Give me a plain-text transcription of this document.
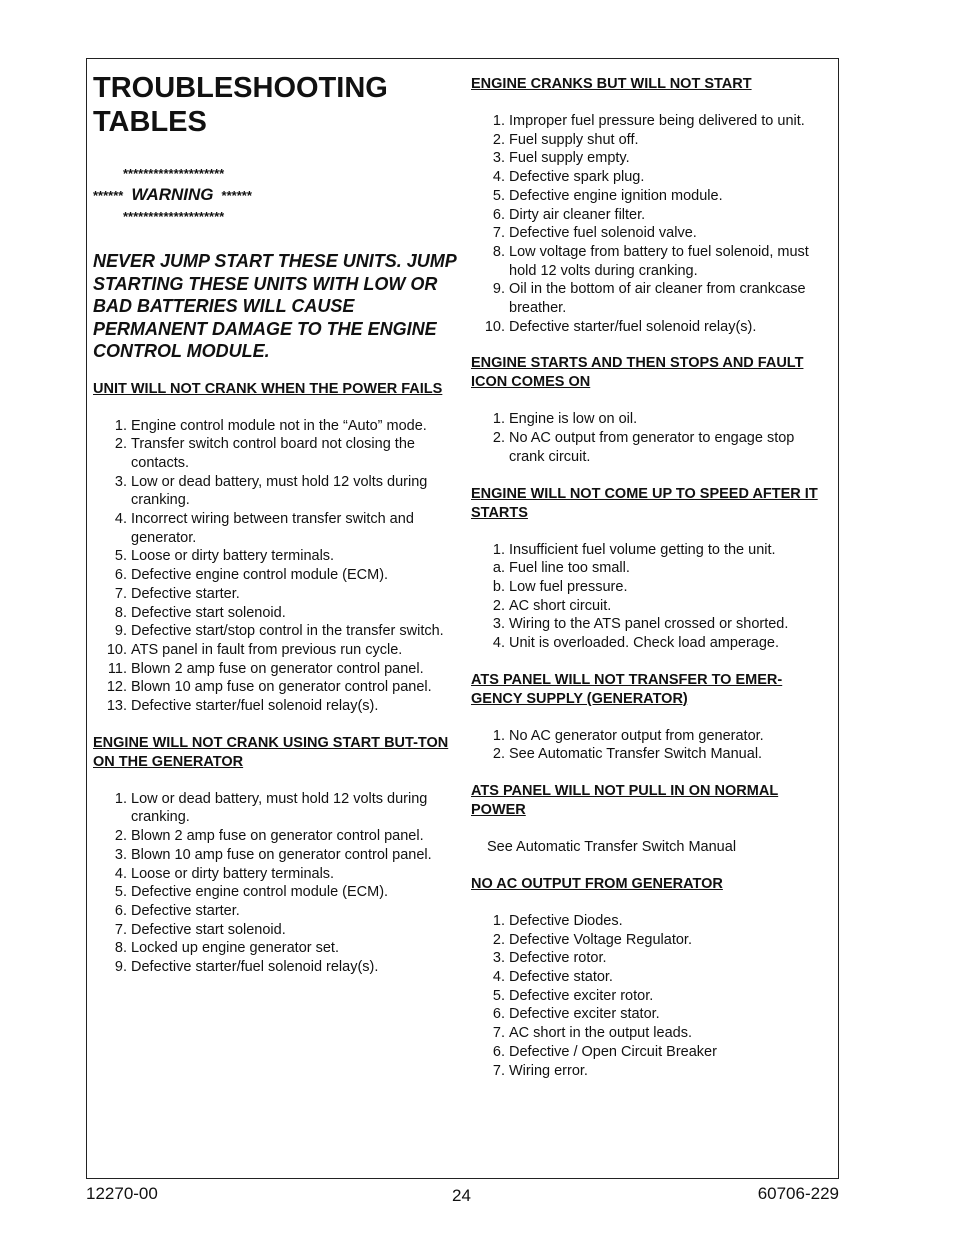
TROUBLESHOOTING TABLES
********************
****** WARNING ******
********************
NEVER JUMP START THESE UNITS. JUMP STARTING THESE UNITS WITH LOW OR BAD BATTERIES WILL CAUSE PERMANENT DAMAGE TO THE ENGINE CONTROL MODULE.
UNIT WILL NOT CRANK WHEN THE POWER FAILS
1. Engine control module not in the “Auto” mode.
2. Transfer switch control board not closing the contacts.
3. Low or dead battery, must hold 12 volts during cranking.
4. Incorrect wiring between transfer switch and generator.
5. Loose or dirty battery terminals.
6. Defective engine control module (ECM).
7. Defective starter.
8. Defective start solenoid.
9. Defective start/stop control in the transfer switch.
10. ATS panel in fault from previous run cycle.
11. Blown 2 amp fuse on generator control panel.
12. Blown 10 amp fuse on generator control panel.
13. Defective starter/fuel solenoid relay(s).
ENGINE WILL NOT CRANK USING START BUT-TON ON THE GENERATOR
1. Low or dead battery, must hold 12 volts during cranking.
2. Blown 2 amp fuse on generator control panel.
3. Blown 10 amp fuse on generator control panel.
4. Loose or dirty battery terminals.
5. Defective engine control module (ECM).
6. Defective starter.
7. Defective start solenoid.
8. Locked up engine generator set.
9. Defective starter/fuel solenoid relay(s).
ENGINE CRANKS BUT WILL NOT START
1. Improper fuel pressure being delivered to unit.
2. Fuel supply shut off.
3. Fuel supply empty.
4. Defective spark plug.
5. Defective engine ignition module.
6. Dirty air cleaner filter.
7. Defective fuel solenoid valve.
8. Low voltage from battery to fuel solenoid, must hold 12 volts during cranking.
9. Oil in the bottom of air cleaner from crankcase breather.
10. Defective starter/fuel solenoid relay(s).
ENGINE STARTS AND THEN STOPS AND FAULT ICON COMES ON
1. Engine is low on oil.
2. No AC output from generator to engage stop crank circuit.
ENGINE WILL NOT COME UP TO SPEED AFTER IT STARTS
1. Insufficient fuel volume getting to the unit.
a. Fuel line too small.
b. Low fuel pressure.
2. AC short circuit.
3. Wiring to the ATS panel crossed or shorted.
4. Unit is overloaded. Check load amperage.
ATS PANEL WILL NOT TRANSFER TO EMER-GENCY SUPPLY (GENERATOR)
1. No AC generator output from generator.
2. See Automatic Transfer Switch Manual.
ATS PANEL WILL NOT PULL IN ON NORMAL POWER
See Automatic Transfer Switch Manual
NO AC OUTPUT FROM GENERATOR
1. Defective Diodes.
2. Defective Voltage Regulator.
3. Defective rotor.
4. Defective stator.
5. Defective exciter rotor.
6. Defective exciter stator.
7. AC short in the output leads.
6. Defective / Open Circuit Breaker
7. Wiring error.
12270-00	24	60706-229
